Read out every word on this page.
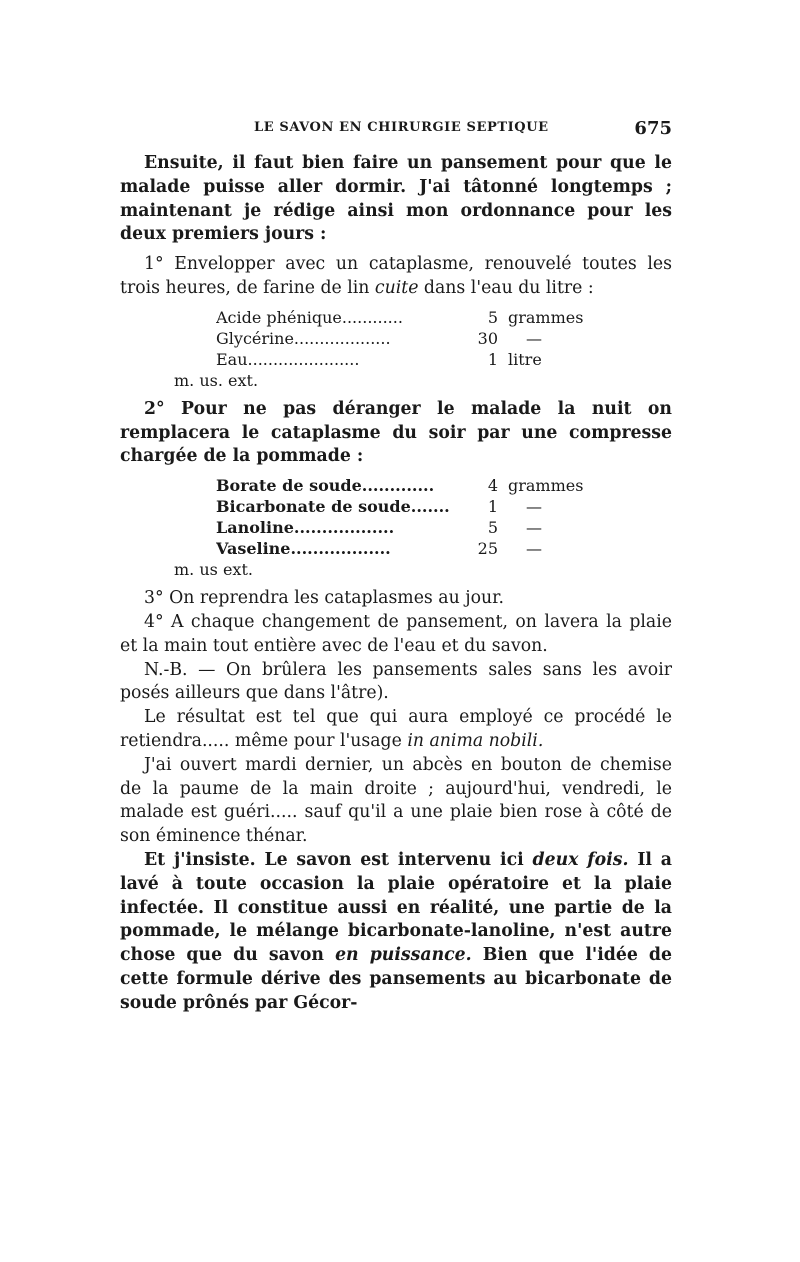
LE SAVON EN CHIRURGIE SEPTIQUE	675

Ensuite, il faut bien faire un pansement pour que le malade puisse aller dormir. J'ai tâtonné longtemps ; maintenant je rédige ainsi mon ordonnance pour les deux premiers jours :

1° Envelopper avec un cataplasme, renouvelé toutes les trois heures, de farine de lin cuite dans l'eau du litre :

Acide phénique............	5 grammes
Glycérine...................	30	—
Eau......................	1 litre
m. us. ext.

2° Pour ne pas déranger le malade la nuit on remplacera le cataplasme du soir par une compresse chargée de la pommade :

Borate de soude.............	4 grammes
Bicarbonate de soude.......	1	—
Lanoline..................	5	—
Vaseline..................	25	—
m. us ext.

3° On reprendra les cataplasmes au jour.

4° A chaque changement de pansement, on lavera la plaie et la main tout entière avec de l'eau et du savon.

N.-B. — On brûlera les pansements sales sans les avoir posés ailleurs que dans l'âtre).

Le résultat est tel que qui aura employé ce procédé le retiendra..... même pour l'usage in anima nobili.

J'ai ouvert mardi dernier, un abcès en bouton de chemise de la paume de la main droite ; aujourd'hui, vendredi, le malade est guéri..... sauf qu'il a une plaie bien rose à côté de son éminence thénar.

Et j'insiste. Le savon est intervenu ici deux fois. Il a lavé à toute occasion la plaie opératoire et la plaie infectée. Il constitue aussi en réalité, une partie de la pommade, le mélange bicarbonate-lanoline, n'est autre chose que du savon en puissance. Bien que l'idée de cette formule dérive des pansements au bicarbonate de soude prônés par Gécor-
